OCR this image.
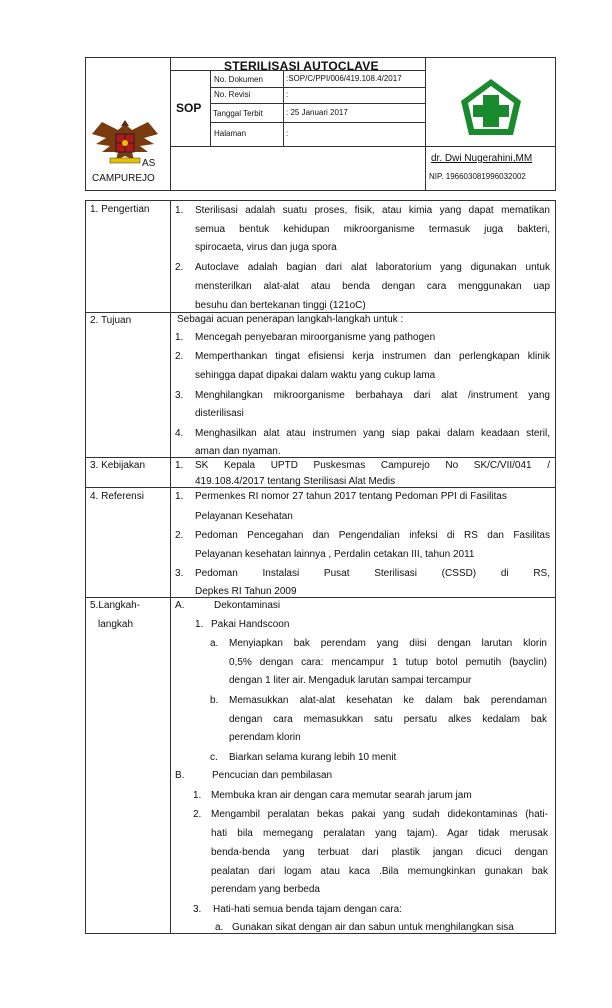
STERILISASI AUTOCLAVE
SOP
No. Dokumen	:SOP/C/PPI/006/419.108.4/2017
No. Revisi	:
Tanggal Terbit	: 25 Januari 2017
Halaman	:
AS
CAMPUREJO
dr. Dwi Nugerahini,MM
NIP. 196603081996032002
1. Pengertian	1. Sterilisasi adalah suatu proses, fisik, atau kimia yang dapat mematikan
semua bentuk kehidupan mikroorganisme termasuk juga bakteri,
spirocaeta, virus dan juga spora
2. Autoclave adalah bagian dari alat laboratorium yang digunakan untuk
mensterilkan alat-alat atau benda dengan cara menggunakan uap
besuhu dan bertekanan tinggi (121oC)
2. Tujuan	Sebagai acuan penerapan langkah-langkah untuk :
1. Mencegah penyebaran miroorganisme yang pathogen
2. Memperthankan tingat efisiensi kerja instrumen dan perlengkapan klinik
sehingga dapat dipakai dalam waktu yang cukup lama
3. Menghilangkan mikroorganisme berbahaya dari alat /instrument yang
disterilisasi
4. Menghasilkan alat atau instrumen yang siap pakai dalam keadaan steril,
aman dan nyaman.
3. Kebijakan	1. SK Kepala UPTD Puskesmas Campurejo No SK/C/VII/041 /
419.108.4/2017 tentang Sterilisasi Alat Medis
4. Referensi	1. Permenkes RI nomor 27 tahun 2017 tentang Pedoman PPI di Fasilitas
Pelayanan Kesehatan
2. Pedoman Pencegahan dan Pengendalian infeksi di RS dan Fasilitas
Pelayanan kesehatan lainnya , Perdalin cetakan III, tahun 2011
3. Pedoman Instalasi Pusat Sterilisasi (CSSD) di RS,
Depkes RI Tahun 2009
5.Langkah-
langkah
A.	Dekontaminasi
1. Pakai Handscoon
a. Menyiapkan bak perendam yang diisi dengan larutan klorin
0,5% dengan cara: mencampur 1 tutup botol pemutih (bayclin)
dengan 1 liter air. Mengaduk larutan sampai tercampur
b. Memasukkan alat-alat kesehatan ke dalam bak perendaman
dengan cara memasukkan satu persatu alkes kedalam bak
perendam klorin
c. Biarkan selama kurang lebih 10 menit
B.	Pencucian dan pembilasan
1. Membuka kran air dengan cara memutar searah jarum jam
2. Mengambil peralatan bekas pakai yang sudah didekontaminas (hati-
hati bila memegang peralatan yang tajam). Agar tidak merusak
benda-benda yang terbuat dari plastik jangan dicuci dengan
pealatan dari logam atau kaca .Bila memungkinkan gunakan bak
perendam yang berbeda
3. Hati-hati semua benda tajam dengan cara:
a. Gunakan sikat dengan air dan sabun untuk menghilangkan sisa
